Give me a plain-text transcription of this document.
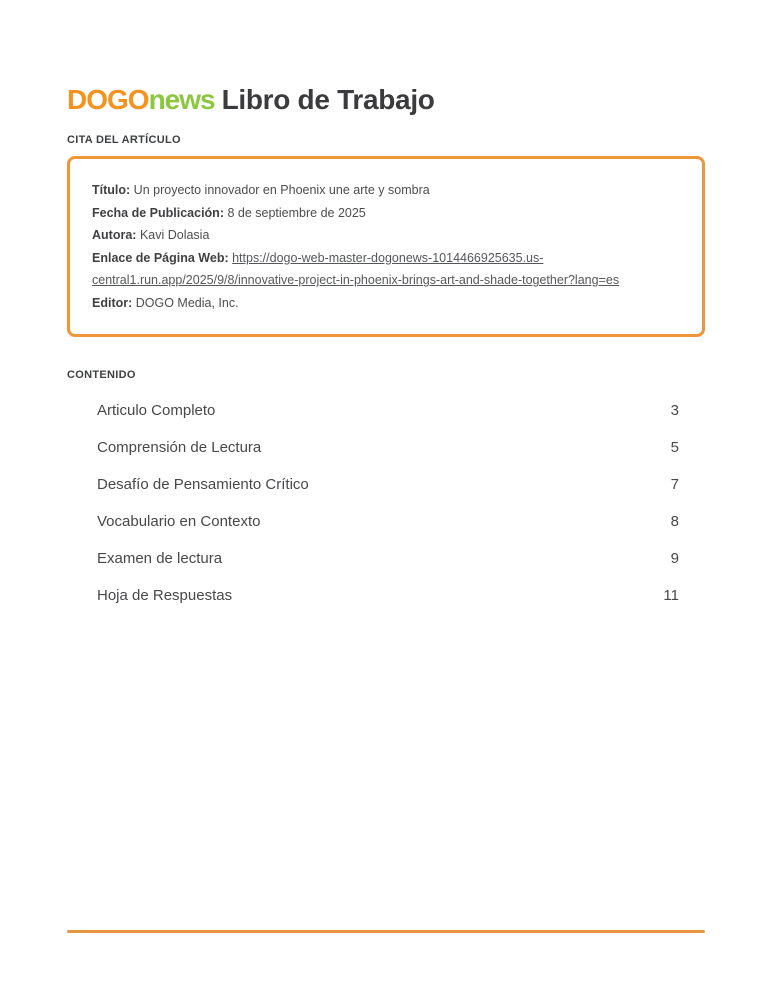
DOGOnews Libro de Trabajo
CITA DEL ARTÍCULO
Título: Un proyecto innovador en Phoenix une arte y sombra
Fecha de Publicación: 8 de septiembre de 2025
Autora: Kavi Dolasia
Enlace de Página Web: https://dogo-web-master-dogonews-1014466925635.us-central1.run.app/2025/9/8/innovative-project-in-phoenix-brings-art-and-shade-together?lang=es
Editor: DOGO Media, Inc.
CONTENIDO
Articulo Completo	3
Comprensión de Lectura	5
Desafío de Pensamiento Crítico	7
Vocabulario en Contexto	8
Examen de lectura	9
Hoja de Respuestas	11
